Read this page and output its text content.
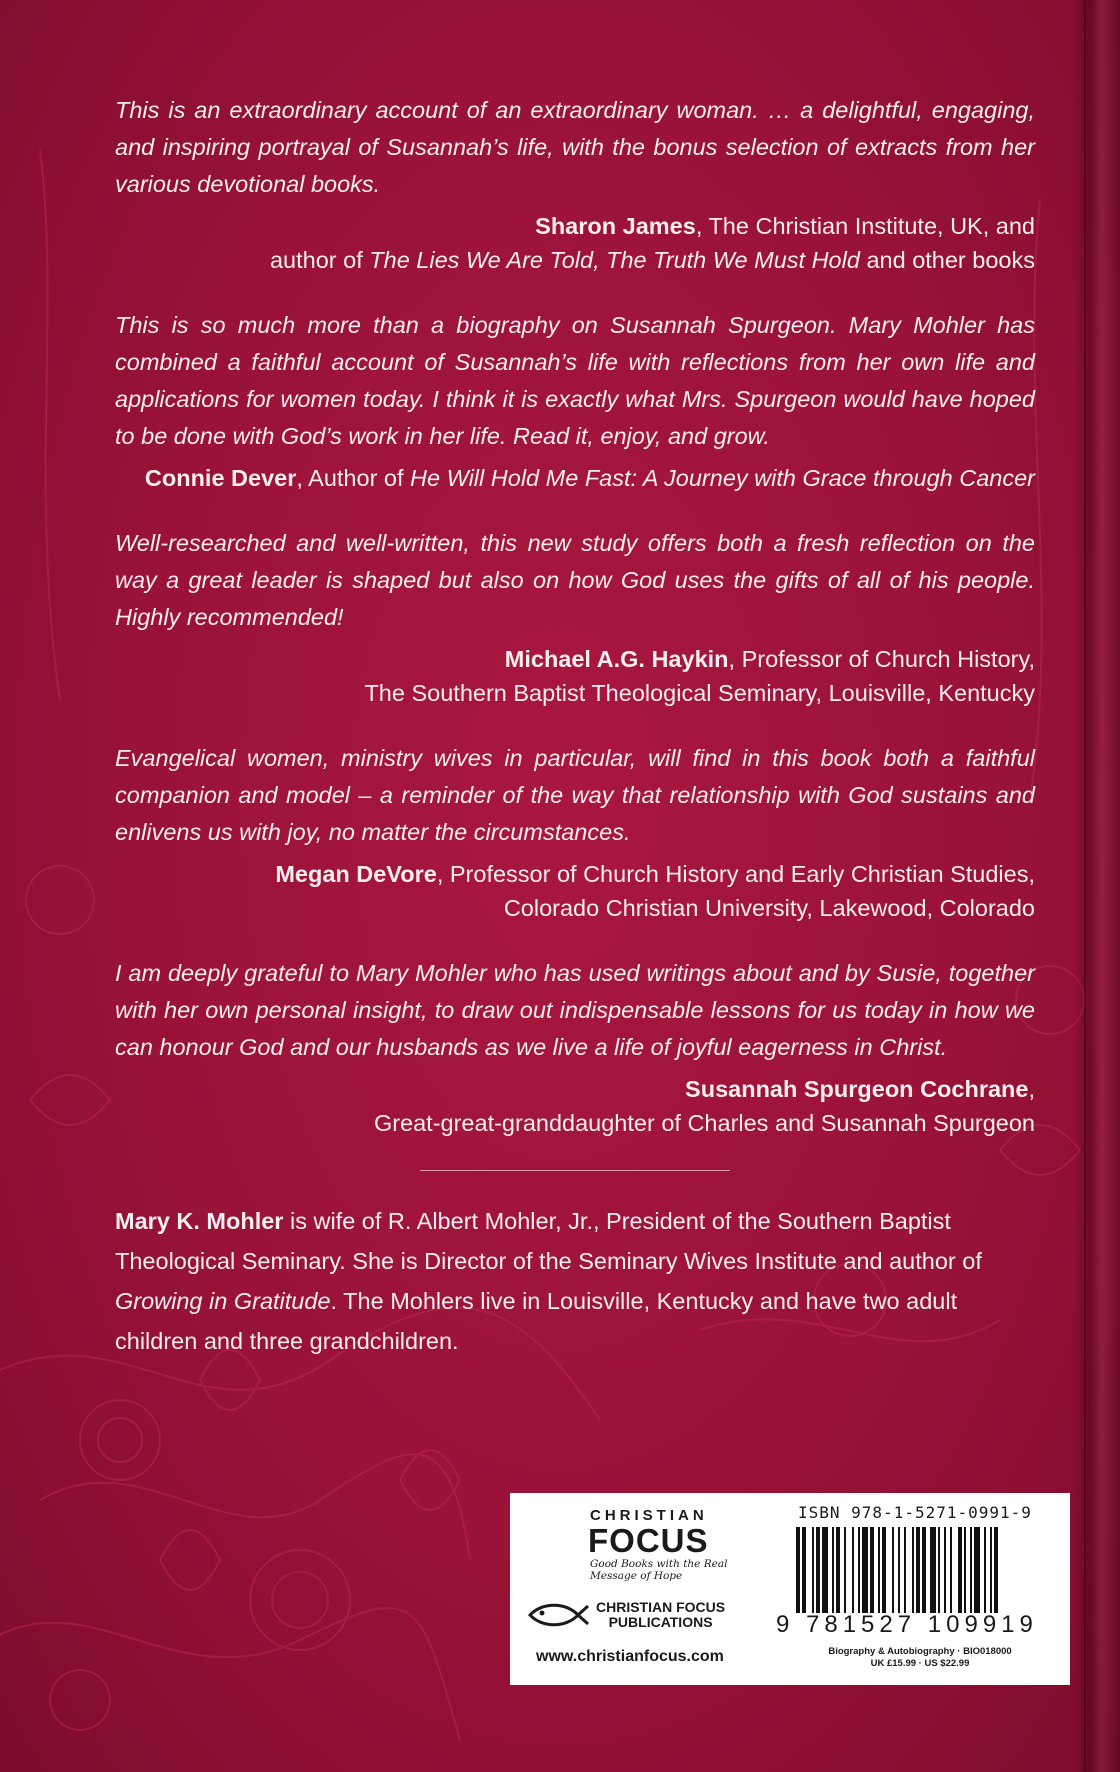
This is an extraordinary account of an extraordinary woman. … a delightful, engaging, and inspiring portrayal of Susannah’s life, with the bonus selection of extracts from her various devotional books.

Sharon James, The Christian Institute, UK, and
author of The Lies We Are Told, The Truth We Must Hold and other books

This is so much more than a biography on Susannah Spurgeon. Mary Mohler has combined a faithful account of Susannah’s life with reflections from her own life and applications for women today. I think it is exactly what Mrs. Spurgeon would have hoped to be done with God’s work in her life. Read it, enjoy, and grow.

Connie Dever, Author of He Will Hold Me Fast: A Journey with Grace through Cancer

Well-researched and well-written, this new study offers both a fresh reflection on the way a great leader is shaped but also on how God uses the gifts of all of his people. Highly recommended!

Michael A.G. Haykin, Professor of Church History,
The Southern Baptist Theological Seminary, Louisville, Kentucky

Evangelical women, ministry wives in particular, will find in this book both a faithful companion and model – a reminder of the way that relationship with God sustains and enlivens us with joy, no matter the circumstances.

Megan DeVore, Professor of Church History and Early Christian Studies,
Colorado Christian University, Lakewood, Colorado

I am deeply grateful to Mary Mohler who has used writings about and by Susie, together with her own personal insight, to draw out indispensable lessons for us today in how we can honour God and our husbands as we live a life of joyful eagerness in Christ.

Susannah Spurgeon Cochrane,
Great-great-granddaughter of Charles and Susannah Spurgeon

Mary K. Mohler is wife of R. Albert Mohler, Jr., President of the Southern Baptist Theological Seminary. She is Director of the Seminary Wives Institute and author of Growing in Gratitude. The Mohlers live in Louisville, Kentucky and have two adult children and three grandchildren.

CHRISTIAN
FOCUS
Good Books with the Real Message of Hope
CHRISTIAN FOCUS
PUBLICATIONS
www.christianfocus.com
ISBN 978-1-5271-0991-9
9 781527 109919
Biography & Autobiography · BIO018000
UK £15.99 · US $22.99
